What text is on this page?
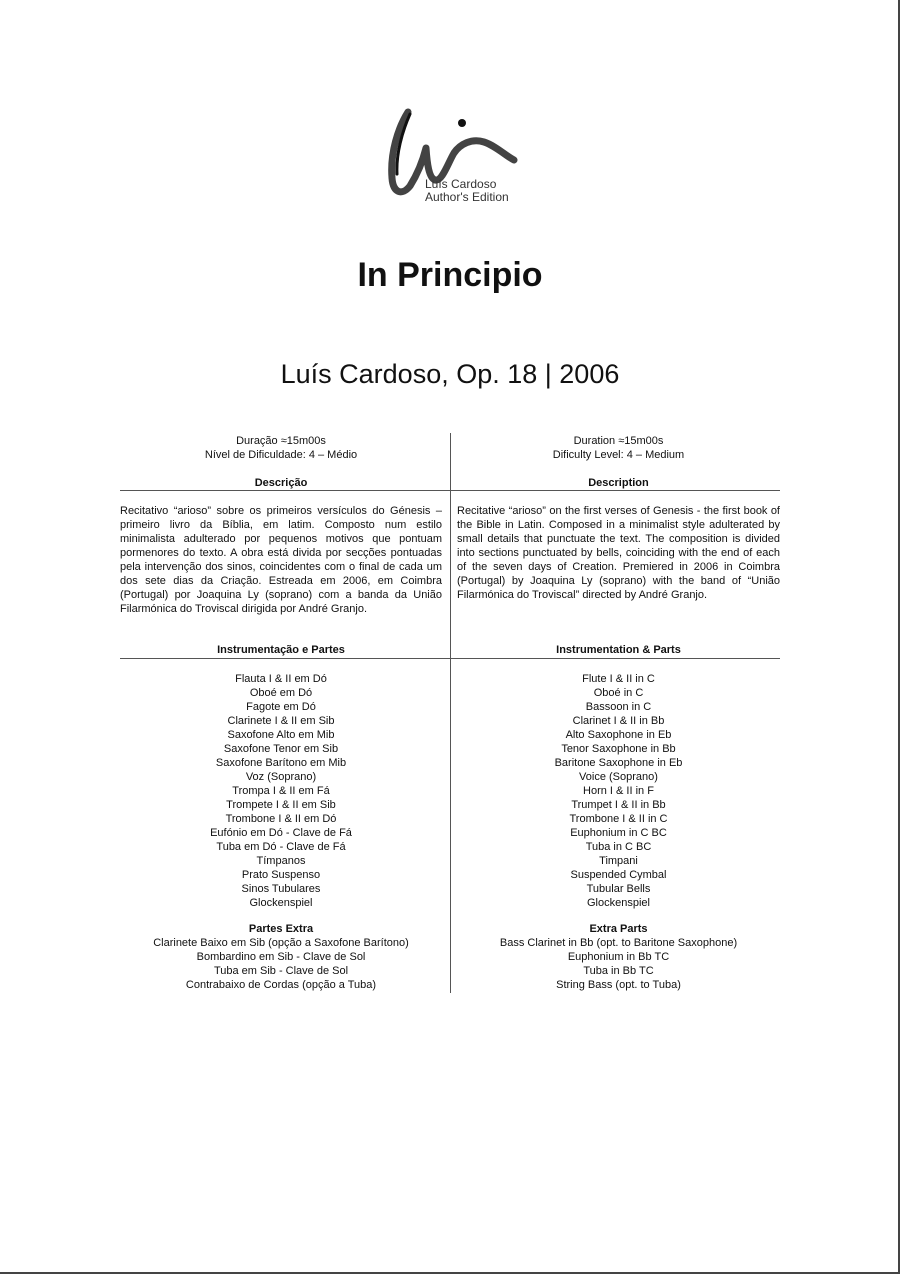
Luís Cardoso
Author's Edition
In Principio
Luís Cardoso, Op. 18 | 2006
Duração ≈15m00s
Nível de Dificuldade: 4 – Médio
Descrição
Recitativo “arioso” sobre os primeiros versículos do Génesis – primeiro livro da Bíblia, em latim. Composto num estilo minimalista adulterado por pequenos motivos que pontuam pormenores do texto. A obra está divida por secções pontuadas pela intervenção dos sinos, coincidentes com o final de cada um dos sete dias da Criação. Estreada em 2006, em Coimbra (Portugal) por Joaquina Ly (soprano) com a banda da União Filarmónica do Troviscal dirigida por André Granjo.
Instrumentação e Partes
Flauta I & II em Dó
Oboé em Dó
Fagote em Dó
Clarinete I & II em Sib
Saxofone Alto em Mib
Saxofone Tenor em Sib
Saxofone Barítono em Mib
Voz (Soprano)
Trompa I & II em Fá
Trompete I & II em Sib
Trombone I & II em Dó
Eufónio em Dó - Clave de Fá
Tuba em Dó - Clave de Fá
Tímpanos
Prato Suspenso
Sinos Tubulares
Glockenspiel
Partes Extra
Clarinete Baixo em Sib (opção a Saxofone Barítono)
Bombardino em Sib - Clave de Sol
Tuba em Sib - Clave de Sol
Contrabaixo de Cordas (opção a Tuba)
Duration ≈15m00s
Dificulty Level: 4 – Medium
Description
Recitative “arioso” on the first verses of Genesis - the first book of the Bible in Latin. Composed in a minimalist style adulterated by small details that punctuate the text. The composition is divided into sections punctuated by bells, coinciding with the end of each of the seven days of Creation. Premiered in 2006 in Coimbra (Portugal) by Joaquina Ly (soprano) with the band of “União Filarmónica do Troviscal” directed by André Granjo.
Instrumentation & Parts
Flute I & II in C
Oboé in C
Bassoon in C
Clarinet I & II in Bb
Alto Saxophone in Eb
Tenor Saxophone in Bb
Baritone Saxophone in Eb
Voice (Soprano)
Horn I & II in F
Trumpet I & II in Bb
Trombone I & II in C
Euphonium in C BC
Tuba in C BC
Timpani
Suspended Cymbal
Tubular Bells
Glockenspiel
Extra Parts
Bass Clarinet in Bb (opt. to Baritone Saxophone)
Euphonium in Bb TC
Tuba in Bb TC
String Bass (opt. to Tuba)
